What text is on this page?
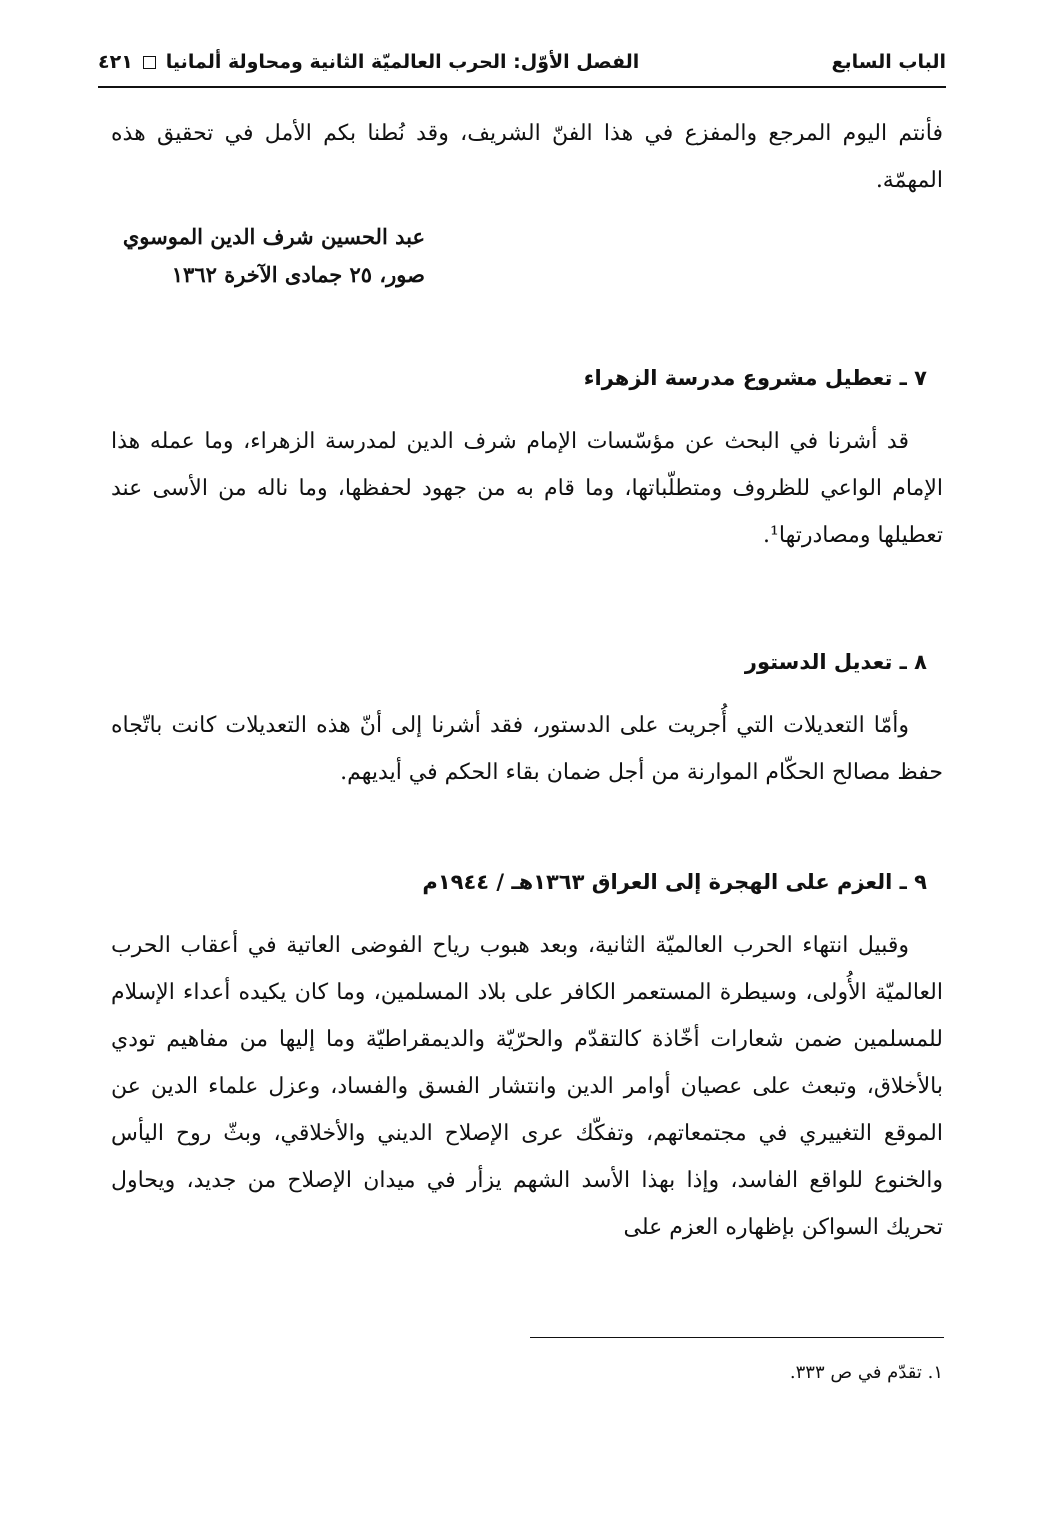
الباب السابع
الفصل الأوّل: الحرب العالميّة الثانية ومحاولة ألمانيا
٤٢١

فأنتم اليوم المرجع والمفزع في هذا الفنّ الشريف، وقد نُطنا بكم الأمل في تحقيق هذه المهمّة.

عبد الحسين شرف الدين الموسوي
صور، ٢٥ جمادى الآخرة ١٣٦٢
٧ ـ تعطيل مشروع مدرسة الزهراء

قد أشرنا في البحث عن مؤسّسات الإمام شرف الدين لمدرسة الزهراء، وما عمله هذا الإمام الواعي للظروف ومتطلّباتها، وما قام به من جهود لحفظها، وما ناله من الأسى عند تعطيلها ومصادرتها¹.

٨ ـ تعديل الدستور

وأمّا التعديلات التي أُجريت على الدستور، فقد أشرنا إلى أنّ هذه التعديلات كانت باتّجاه حفظ مصالح الحكّام الموارنة من أجل ضمان بقاء الحكم في أيديهم.

٩ ـ العزم على الهجرة إلى العراق ١٣٦٣هـ / ١٩٤٤م

وقبيل انتهاء الحرب العالميّة الثانية، وبعد هبوب رياح الفوضى العاتية في أعقاب الحرب العالميّة الأُولى، وسيطرة المستعمر الكافر على بلاد المسلمين، وما كان يكيده أعداء الإسلام للمسلمين ضمن شعارات أخّاذة كالتقدّم والحرّيّة والديمقراطيّة وما إليها من مفاهيم تودي بالأخلاق، وتبعث على عصيان أوامر الدين وانتشار الفسق والفساد، وعزل علماء الدين عن الموقع التغييري في مجتمعاتهم، وتفكّك عرى الإصلاح الديني والأخلاقي، وبثّ روح اليأس والخنوع للواقع الفاسد، وإذا بهذا الأسد الشهم يزأر في ميدان الإصلاح من جديد، ويحاول تحريك السواكن بإظهاره العزم على

١. تقدّم في ص ٣٣٣.
